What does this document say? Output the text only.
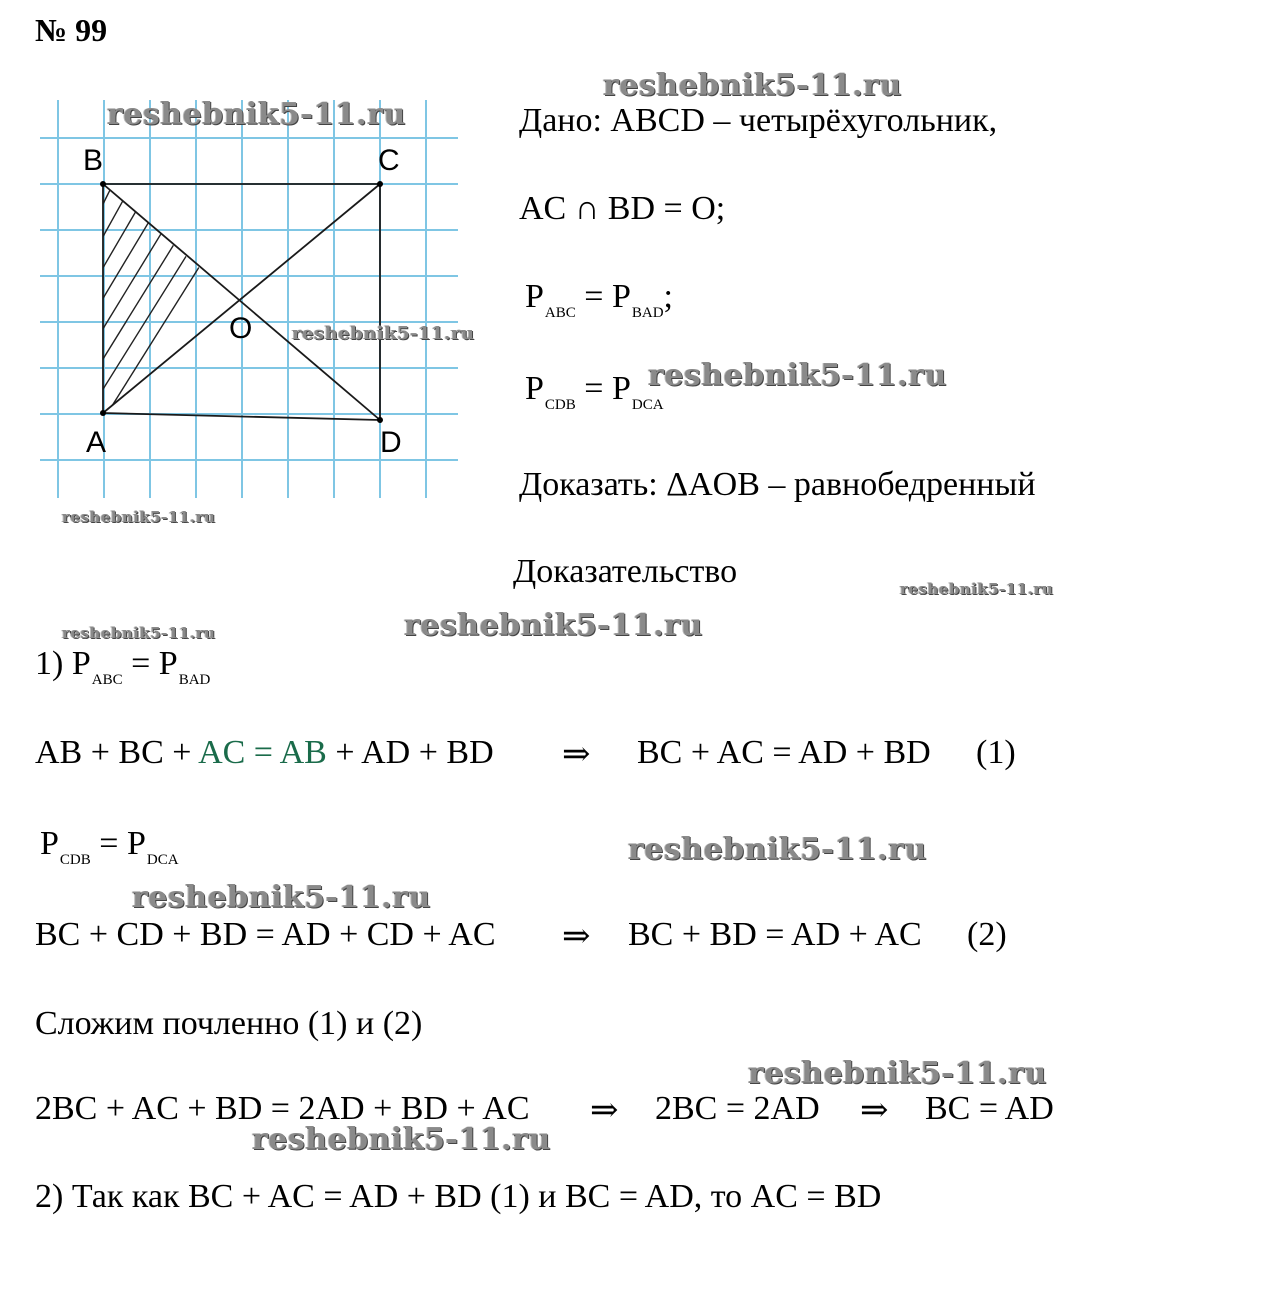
№ 99
B	C
O
A	D
Дано: ABCD – четырёхугольник,
AC ∩ BD = O;
$P_{ABC} = P_{BAD}$;
$P_{CDB} = P_{DCA}$
Доказать: ΔAOB – равнобедренный
Доказательство
1) $P_{ABC} = P_{BAD}$
AB + BC + AC = AB + AD + BD ⇒ BC + AC = AD + BD (1)
$P_{CDB} = P_{DCA}$
BC + CD + BD = AD + CD + AC ⇒ BC + BD = AD + AC (2)
Сложим почленно (1) и (2)
2BC + AC + BD = 2AD + BD + AC ⇒ 2BC = 2AD ⇒ BC = AD
2) Так как BC + AC = AD + BD (1) и BC = AD, то AC = BD
reshebnik5-11.ru
reshebnik5-11.ru
reshebnik5-11.ru
reshebnik5-11.ru
reshebnik5-11.ru
reshebnik5-11.ru
reshebnik5-11.ru	reshebnik5-11.ru
reshebnik5-11.ru
reshebnik5-11.ru
reshebnik5-11.ru
reshebnik5-11.ru
